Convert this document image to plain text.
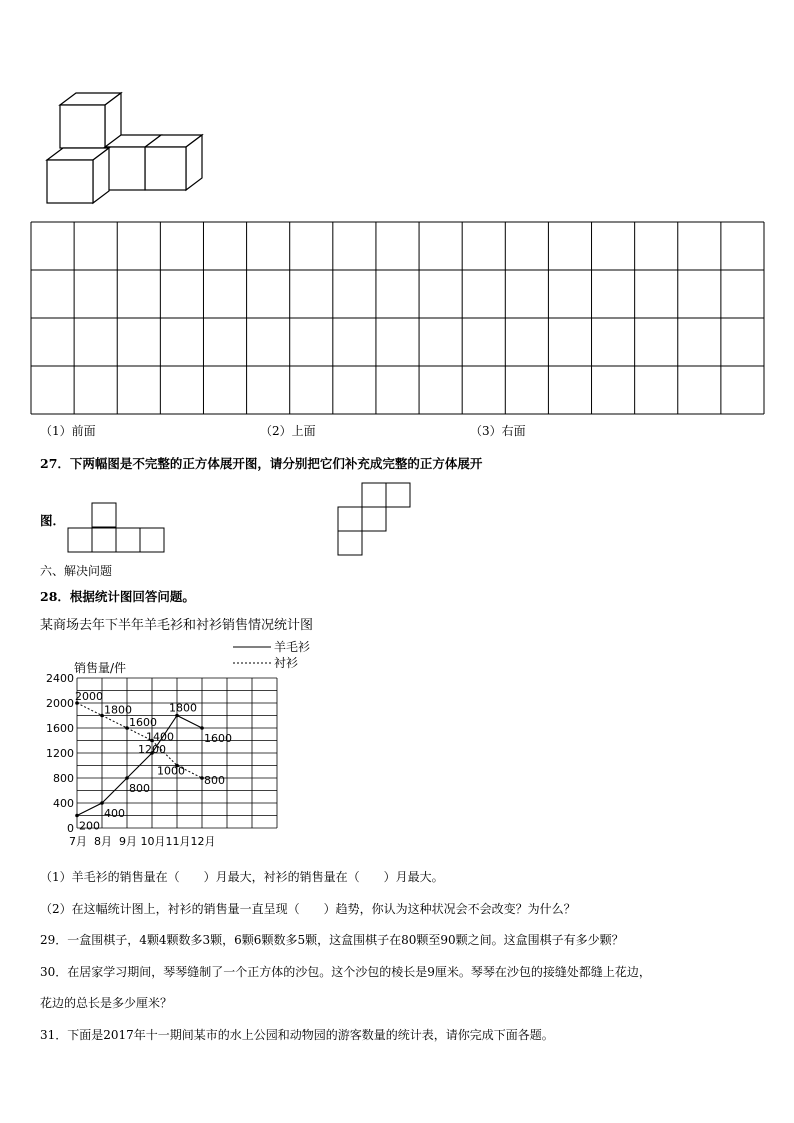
（1）前面	（2）上面	（3）右面
27．下两幅图是不完整的正方体展开图，请分别把它们补充成完整的正方体展开
图．
六、解决问题
28．根据统计图回答问题。
某商场去年下半年羊毛衫和衬衫销售情况统计图
0
400
800
1200
1600
2000
2400
销售量/件
7月 8月 9月 10月 11月 12月
羊毛衫
衬衫
200
400
800
1200
1800
1600
2000
1800
1600
1400
1000
800
（1）羊毛衫的销售量在（　　）月最大，衬衫的销售量在（　　）月最大。
（2）在这幅统计图上，衬衫的销售量一直呈现（　　）趋势，你认为这种状况会不会改变？为什么？
29．一盒围棋子，4颗4颗数多3颗，6颗6颗数多5颗，这盒围棋子在80颗至90颗之间。这盒围棋子有多少颗？
30．在居家学习期间，琴琴缝制了一个正方体的沙包。这个沙包的棱长是9厘米。琴琴在沙包的接缝处都缝上花边，
花边的总长是多少厘米？
31．下面是2017年十一期间某市的水上公园和动物园的游客数量的统计表，请你完成下面各题。
